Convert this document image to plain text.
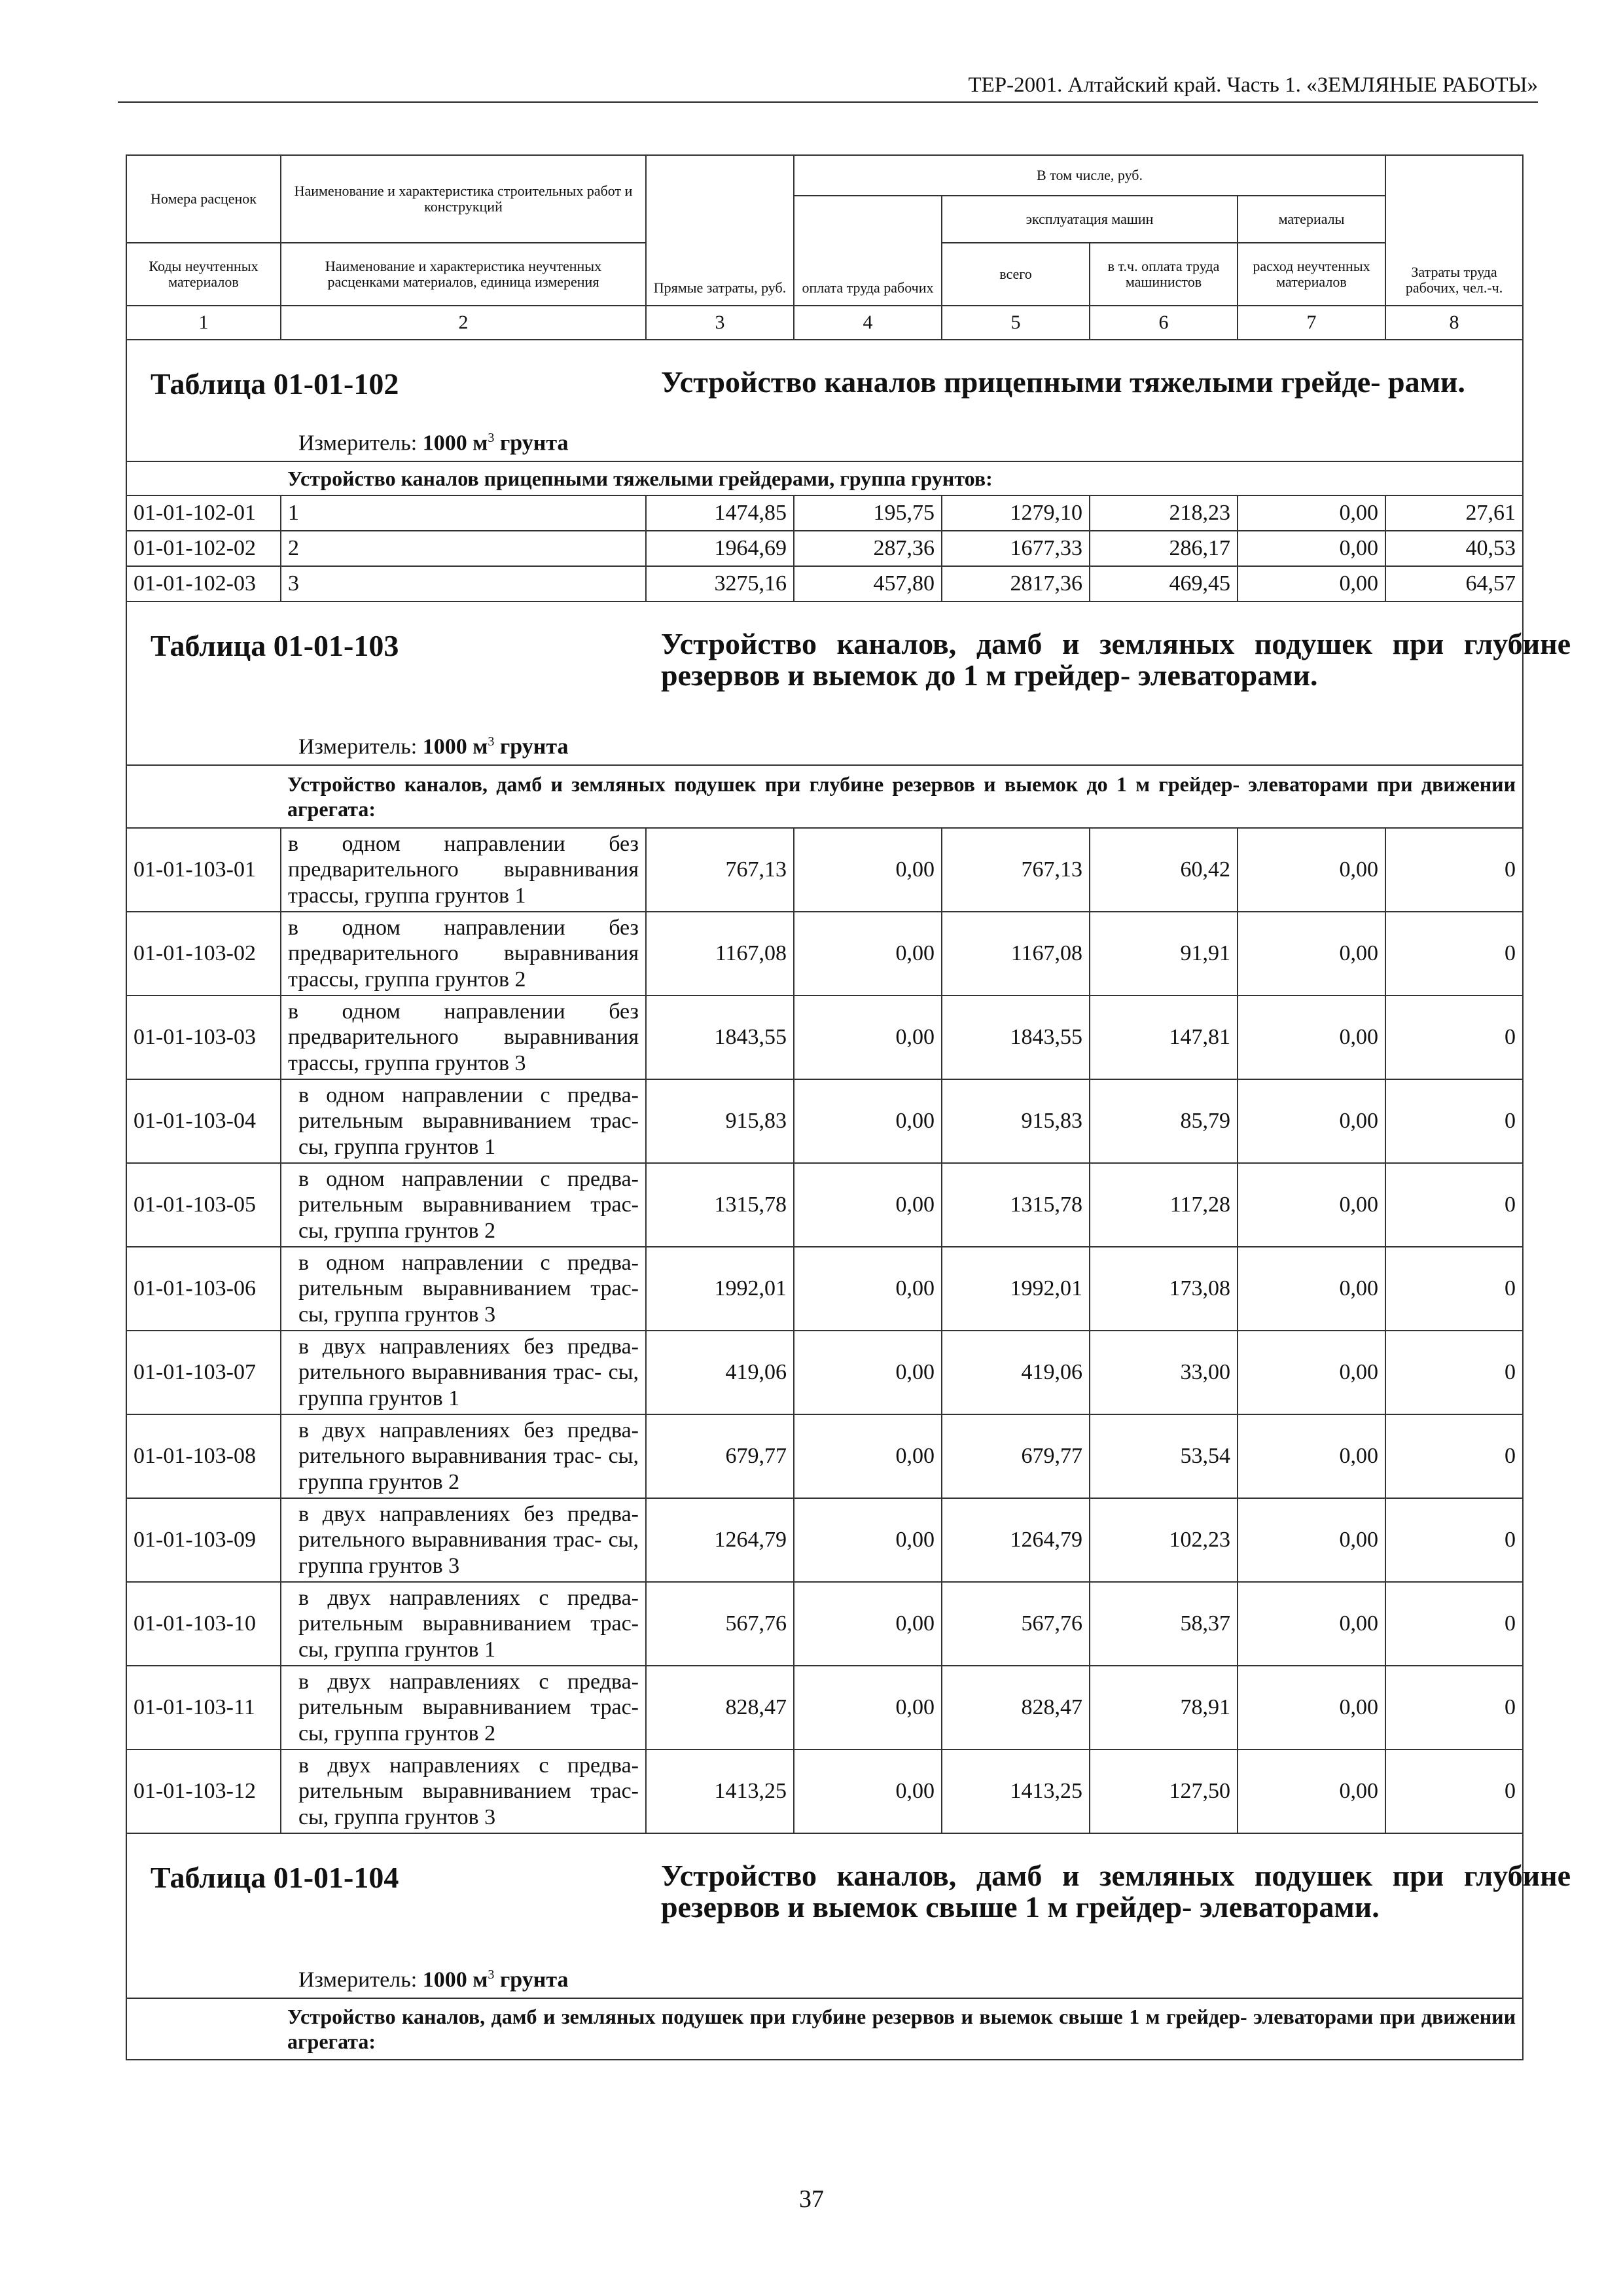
ТЕР-2001. Алтайский край. Часть 1. «ЗЕМЛЯНЫЕ РАБОТЫ»
Номера расценок	Наименование и характеристика строительных работ и конструкций	Прямые затраты, руб.	В том числе, руб.				Затраты труда рабочих, чел.-ч.
			оплата труда рабочих	эксплуатация машин		материалы	
Коды неучтенных материалов	Наименование и характеристика неучтенных расценками материалов, единица измерения			всего	в т.ч. оплата труда машинистов	расход неучтенных материалов	

1	2	3	4	5	6	7	8

Таблица 01-01-102 Устройство каналов прицепными тяжелыми грейде- рами.
Измеритель: 1000 $м^3$ грунта							

	Устройство каналов прицепными тяжелыми грейдерами, группа грунтов:						
01-01-102-01	1	1474,85	195,75	1279,10	218,23	0,00	27,61
01-01-102-02	2	1964,69	287,36	1677,33	286,17	0,00	40,53
01-01-102-03	3	3275,16	457,80	2817,36	469,45	0,00	64,57

Таблица 01-01-103 Устройство каналов, дамб и земляных подушек при глубине резервов и выемок до 1 м грейдер- элеваторами.
Измеритель: 1000 $м^3$ грунта							

	Устройство каналов, дамб и земляных подушек при глубине резервов и выемок до 1 м грейдер- элеваторами при движении агрегата:						
01-01-103-01	в одном направлении без предварительного выравнивания трассы, группа грунтов 1	767,13	0,00	767,13	60,42	0,00	0
01-01-103-02	в одном направлении без предварительного выравнивания трассы, группа грунтов 2	1167,08	0,00	1167,08	91,91	0,00	0
01-01-103-03	в одном направлении без предварительного выравнивания трассы, группа грунтов 3	1843,55	0,00	1843,55	147,81	0,00	0
01-01-103-04	в одном направлении с предва- рительным выравниванием трас- сы, группа грунтов 1	915,83	0,00	915,83	85,79	0,00	0
01-01-103-05	в одном направлении с предва- рительным выравниванием трас- сы, группа грунтов 2	1315,78	0,00	1315,78	117,28	0,00	0
01-01-103-06	в одном направлении с предва- рительным выравниванием трас- сы, группа грунтов 3	1992,01	0,00	1992,01	173,08	0,00	0
01-01-103-07	в двух направлениях без предва- рительного выравнивания трас- сы, группа грунтов 1	419,06	0,00	419,06	33,00	0,00	0
01-01-103-08	в двух направлениях без предва- рительного выравнивания трас- сы, группа грунтов 2	679,77	0,00	679,77	53,54	0,00	0
01-01-103-09	в двух направлениях без предва- рительного выравнивания трас- сы, группа грунтов 3	1264,79	0,00	1264,79	102,23	0,00	0
01-01-103-10	в двух направлениях с предва- рительным выравниванием трас- сы, группа грунтов 1	567,76	0,00	567,76	58,37	0,00	0
01-01-103-11	в двух направлениях с предва- рительным выравниванием трас- сы, группа грунтов 2	828,47	0,00	828,47	78,91	0,00	0
01-01-103-12	в двух направлениях с предва- рительным выравниванием трас- сы, группа грунтов 3	1413,25	0,00	1413,25	127,50	0,00	0

Таблица 01-01-104 Устройство каналов, дамб и земляных подушек при глубине резервов и выемок свыше 1 м грейдер- элеваторами.
Измеритель: 1000 $м^3$ грунта							

	Устройство каналов, дамб и земляных подушек при глубине резервов и выемок свыше 1 м грейдер- элеваторами при движении агрегата:						
37
